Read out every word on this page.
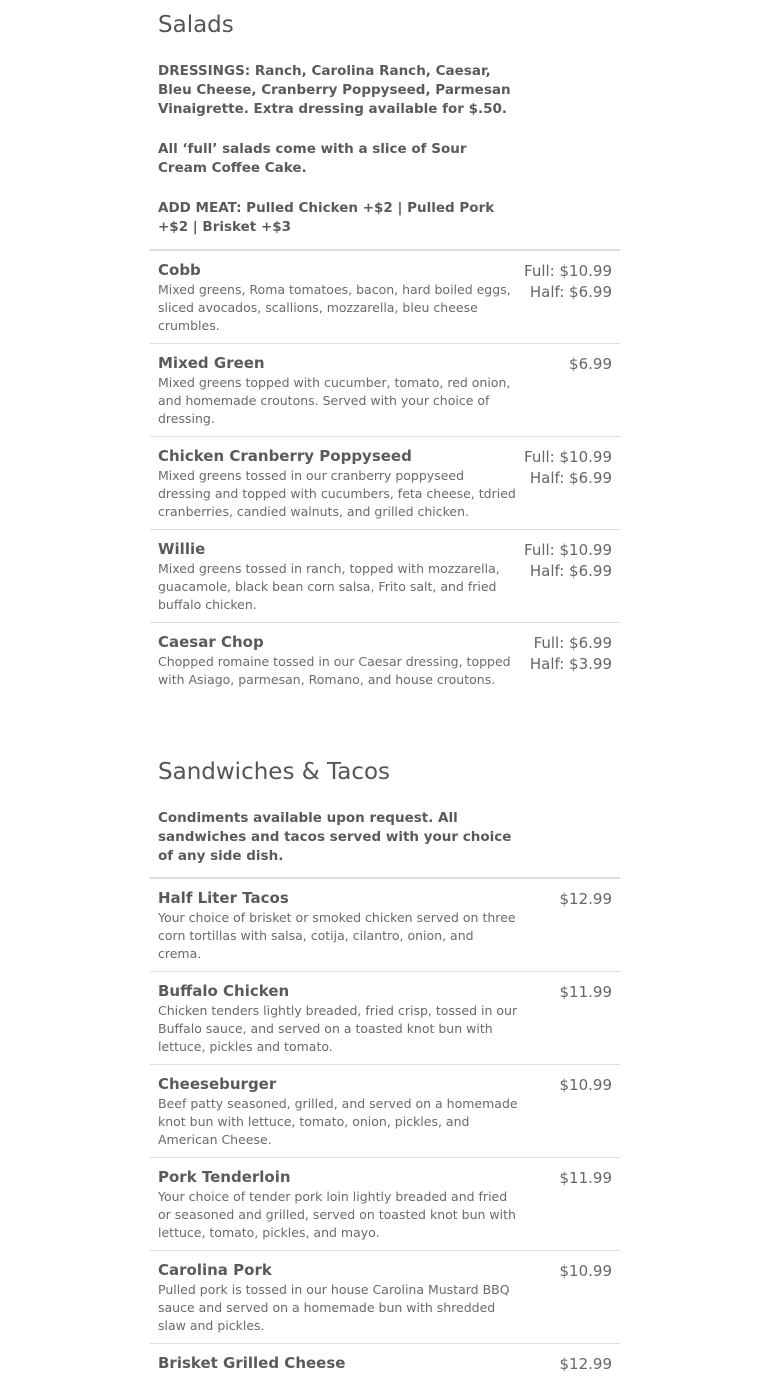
Salads

DRESSINGS: Ranch, Carolina Ranch, Caesar, Bleu Cheese, Cranberry Poppyseed, Parmesan Vinaigrette. Extra dressing available for $.50.

All ‘full’ salads come with a slice of Sour Cream Coffee Cake.

ADD MEAT: Pulled Chicken +$2 | Pulled Pork +$2 | Brisket +$3

Cobb
Mixed greens, Roma tomatoes, bacon, hard boiled eggs, sliced avocados, scallions, mozzarella, bleu cheese crumbles.
Full: $10.99
Half: $6.99
Mixed Green
Mixed greens topped with cucumber, tomato, red onion, and homemade croutons. Served with your choice of dressing.
$6.99
Chicken Cranberry Poppyseed
Mixed greens tossed in our cranberry poppyseed dressing and topped with cucumbers, feta cheese, tdried cranberries, candied walnuts, and grilled chicken.
Full: $10.99
Half: $6.99
Willie
Mixed greens tossed in ranch, topped with mozzarella, guacamole, black bean corn salsa, Frito salt, and fried buffalo chicken.
Full: $10.99
Half: $6.99
Caesar Chop
Chopped romaine tossed in our Caesar dressing, topped with Asiago, parmesan, Romano, and house croutons.
Full: $6.99
Half: $3.99
Sandwiches & Tacos

Condiments available upon request. All sandwiches and tacos served with your choice of any side dish.

Half Liter Tacos
Your choice of brisket or smoked chicken served on three corn tortillas with salsa, cotija, cilantro, onion, and crema.
$12.99
Buffalo Chicken
Chicken tenders lightly breaded, fried crisp, tossed in our Buffalo sauce, and served on a toasted knot bun with lettuce, pickles and tomato.
$11.99
Cheeseburger
Beef patty seasoned, grilled, and served on a homemade knot bun with lettuce, tomato, onion, pickles, and American Cheese.
$10.99
Pork Tenderloin
Your choice of tender pork loin lightly breaded and fried or seasoned and grilled, served on toasted knot bun with lettuce, tomato, pickles, and mayo.
$11.99
Carolina Pork
Pulled pork is tossed in our house Carolina Mustard BBQ sauce and served on a homemade bun with shredded slaw and pickles.
$10.99
Brisket Grilled Cheese	$12.99
